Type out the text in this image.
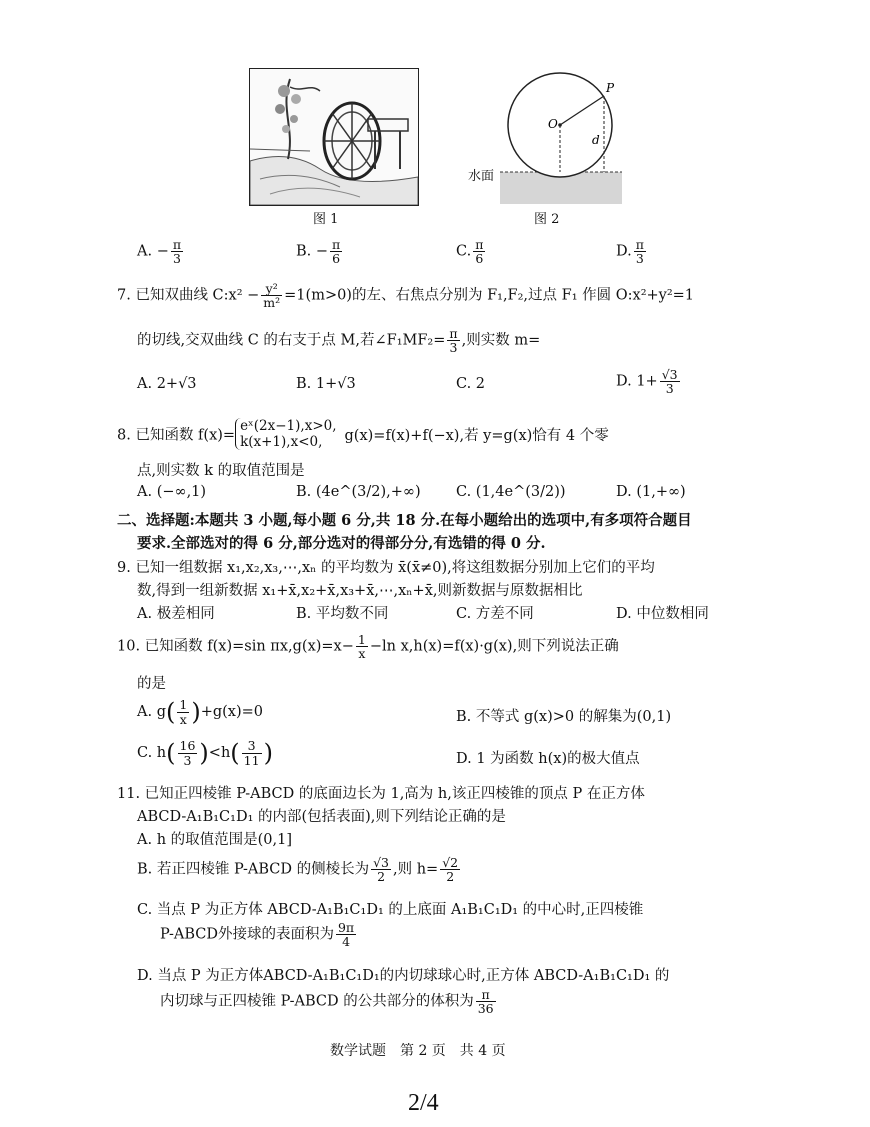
图 1
P
O
d
水面
图 2
A. − $\frac{\pi}{3}$	B. − $\frac{\pi}{6}$	C. $\frac{\pi}{6}$	D. $\frac{\pi}{3}$
7. 已知双曲线 C:x² − $\frac{\text{y²}}{\text{m²}} =1(m>0)$的左、右焦点分别为 F₁,F₂,过点 F₁ 作圆 O:x²+y²=1
的切线,交双曲线 C 的右支于点 M,若∠F₁MF₂= $\frac{\pi}{3}$ ,则实数 m=
A. 2+√3	B. 1+√3	C. 2	D. $1+ \frac{√3}{3}$
8. 已知函数 f(x)=
eˣ(2x−1),x>0,
k(x+1),x<0,	g(x)=f(x)+f(−x),若 y=g(x)恰有 4 个零
点,则实数 k 的取值范围是
A. (−∞,1)	B. (4e^(3/2),+∞) C. (1,4e^(3/2))	D. (1,+∞)
二、选择题:本题共 3 小题,每小题 6 分,共 18 分.在每小题给出的选项中,有多项符合题目
要求.全部选对的得 6 分,部分选对的得部分分,有选错的得 0 分.
9. 已知一组数据 x₁,x₂,x₃,⋯,xₙ 的平均数为 x̄(x̄≠0),将这组数据分别加上它们的平均
数,得到一组新数据 x₁+x̄,x₂+x̄,x₃+x̄,⋯,xₙ+x̄,则新数据与原数据相比
A. 极差相同	B. 平均数不同	C. 方差不同	D. 中位数相同
10. 已知函数 f(x)=sin $\pi x,g(x)=x- \frac{1}{x} -\ln$ x,h(x)=f(x)·g(x),则下列说法正确
的是
A. $g( \frac{1}{x} )+g(x)=0$	B. 不等式 g(x)>0 的解集为(0,1)
C. $h( \frac{16}{3} )<h( \frac{3}{11}$ )	D. 1 为函数 h(x)的极大值点
11. 已知正四棱锥 P-ABCD 的底面边长为 1,高为 h,该正四棱锥的顶点 P 在正方体
ABCD-A₁B₁C₁D₁ 的内部(包括表面),则下列结论正确的是
A. h 的取值范围是(0,1]
B. 若正四棱锥 P-ABCD 的侧棱长为 $\frac{√3}{2}$ ,则 $h= \frac{√2}{2}$
C. 当点 P 为正方体 ABCD-A₁B₁C₁D₁ 的上底面 A₁B₁C₁D₁ 的中心时,正四棱锥
P-ABCD外接球的表面积为 $\frac{9\pi}{4}$
D. 当点 P 为正方体ABCD-A₁B₁C₁D₁的内切球球心时,正方体 ABCD-A₁B₁C₁D₁ 的
内切球与正四棱锥 P-ABCD 的公共部分的体积为 $\frac{\pi}{36}$
数学试题　第 2 页　共 4 页
2/4
